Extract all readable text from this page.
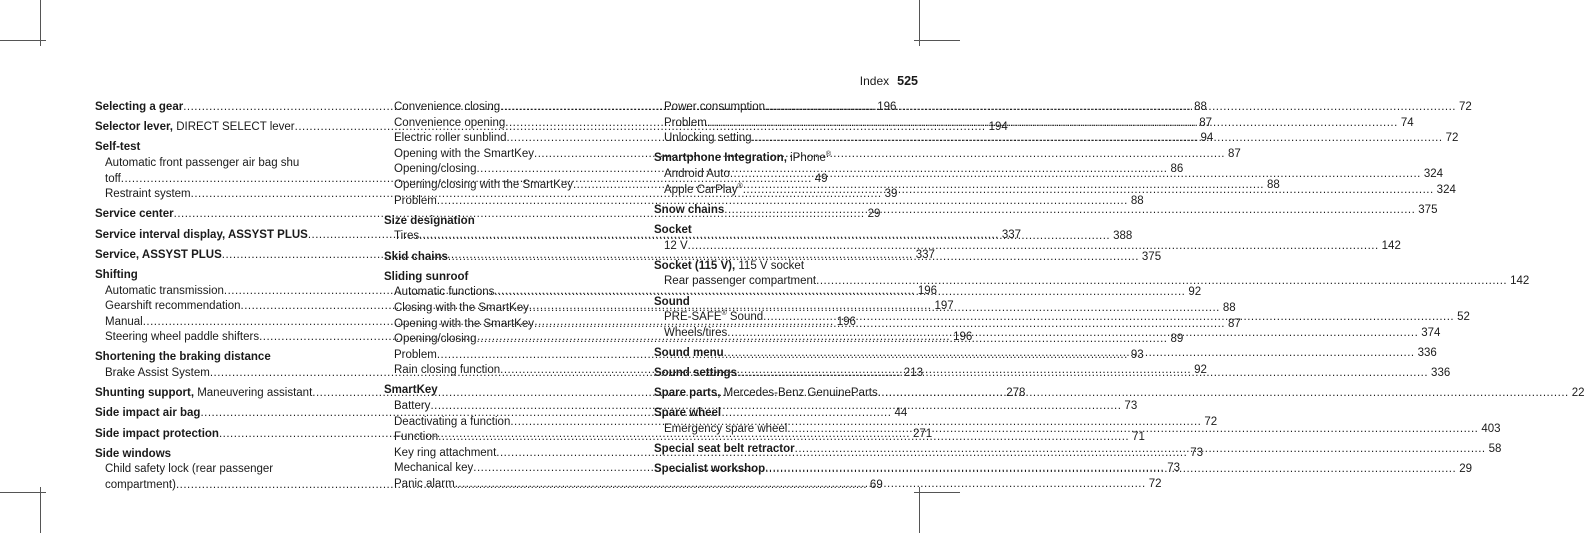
Index 525
Selecting a gear .....	196
Selector lever, DIRECT SELECT lever .....	194
Self-test
Automatic front passenger air bag shu
toff .....	49
Restraint system .....	39
Service center .....	29
Service interval display, ASSYST PLUS .....	337
Service, ASSYST PLUS .....	337
Shifting
Automatic transmission .....	196
Gearshift recommendation .....	197
Manual .....	196
Steering wheel paddle shifters .....	196
Shortening the braking distance
Brake Assist System .....	213
Shunting support, Maneuvering assistant .....	278
Side impact air bag .....	44
Side impact protection .....	271
Side windows
Child safety lock (rear passenger
compartment) .....	69
Convenience closing .....	88
Convenience opening .....	87
Electric roller sunblind .....	94
Opening with the SmartKey .....	87
Opening/closing .....	86
Opening/closing with the SmartKey .....	88
Problem .....	88
Size designation
Tires .....	388
Skid chains .....	375
Sliding sunroof
Automatic functions .....	92
Closing with the SmartKey .....	88
Opening with the SmartKey .....	87
Opening/closing .....	89
Problem .....	93
Rain closing function .....	92
SmartKey
Battery .....	73
Deactivating a function .....	72
Function .....	71
Key ring attachment .....	73
Mechanical key .....	73
Panic alarm .....	72
Power consumption .....	72
Problem .....	74
Unlocking setting .....	72
Smartphone Integration, iPhone®
Android Auto .....	324
Apple CarPlay® .....	324
Snow chains .....	375
Socket
12 V .....	142
Socket (115 V), 115 V socket
Rear passenger compartment .....	142
Sound
PRE-SAFE® Sound .....	52
Wheels/tires .....	374
Sound menu .....	336
Sound settings .....	336
Spare parts, Mercedes-Benz GenuineParts .....	22
Spare wheel
Emergency spare wheel .....	403
Special seat belt retractor .....	58
Specialist workshop .....	29
